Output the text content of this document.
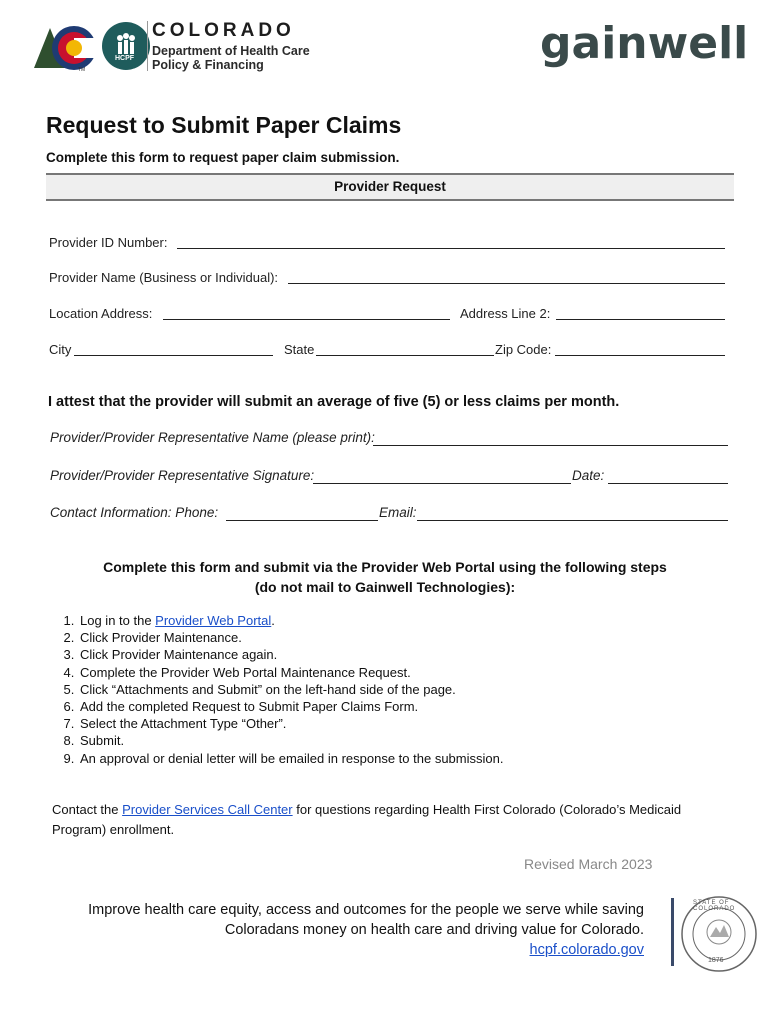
HCPF
TM
COLORADO
Department of Health Care
Policy & Financing	gainwell
Request to Submit Paper Claims
Complete this form to request paper claim submission.
Provider Request
Provider ID Number:
Provider Name (Business or Individual):
Location Address:	Address Line 2:
City	State	Zip Code:
I attest that the provider will submit an average of five (5) or less claims per month.
Provider/Provider Representative Name (please print):
Provider/Provider Representative Signature:	Date:
Contact Information: Phone:	Email:
Complete this form and submit via the Provider Web Portal using the following steps
(do not mail to Gainwell Technologies):
1. Log in to the Provider Web Portal.
2. Click Provider Maintenance.
3. Click Provider Maintenance again.
4. Complete the Provider Web Portal Maintenance Request.
5. Click “Attachments and Submit” on the left-hand side of the page.
6. Add the completed Request to Submit Paper Claims Form.
7. Select the Attachment Type “Other”.
8. Submit.
9. An approval or denial letter will be emailed in response to the submission.
Contact the Provider Services Call Center for questions regarding Health First Colorado (Colorado’s Medicaid Program) enrollment.
Revised March 2023
Improve health care equity, access and outcomes for the people we serve while saving
Coloradans money on health care and driving value for Colorado.
hcpf.colorado.gov
STATE OF COLORADO
1876
